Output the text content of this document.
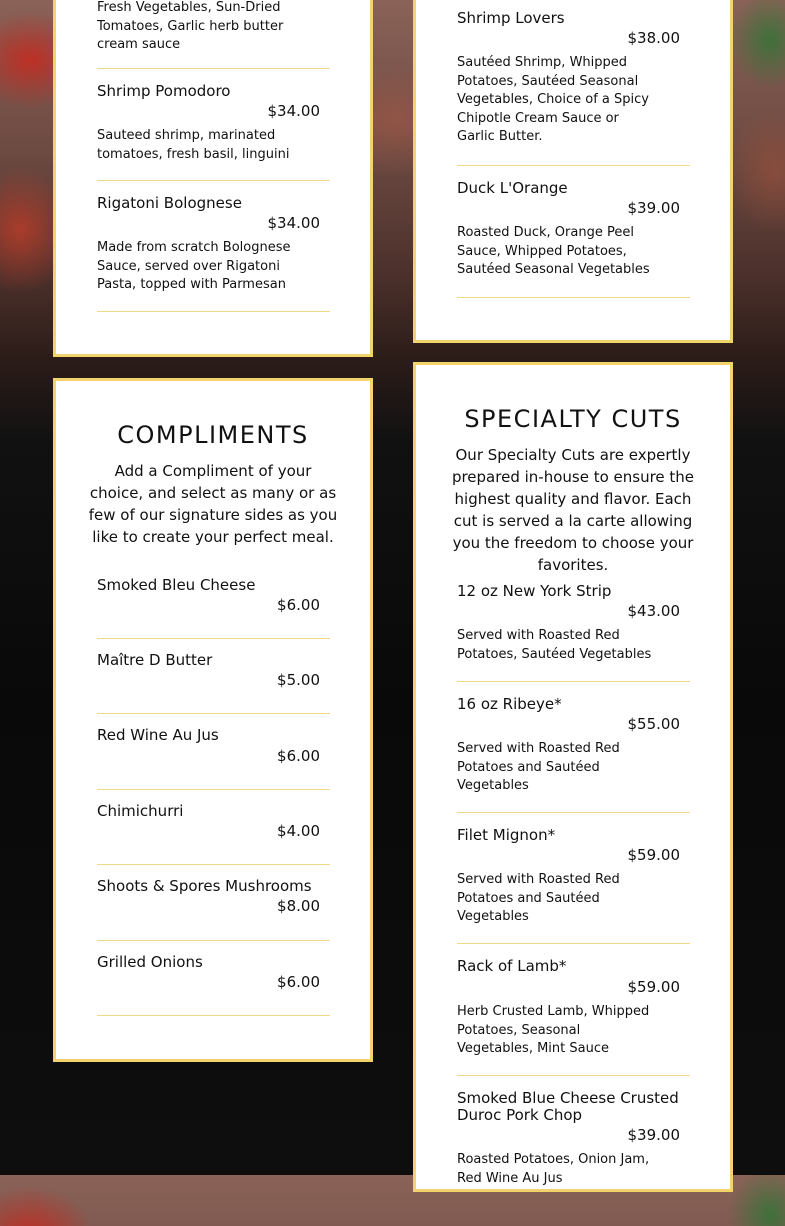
Fresh Vegetables, Sun-Dried Tomatoes, Garlic herb butter cream sauce
Shrimp Pomodoro
$34.00
Sauteed shrimp, marinated tomatoes, fresh basil, linguini
Rigatoni Bolognese
$34.00
Made from scratch Bolognese Sauce, served over Rigatoni Pasta, topped with Parmesan
Shrimp Lovers
$38.00
Sautéed Shrimp, Whipped Potatoes, Sautéed Seasonal Vegetables, Choice of a Spicy Chipotle Cream Sauce or Garlic Butter.
Duck L'Orange
$39.00
Roasted Duck, Orange Peel Sauce, Whipped Potatoes, Sautéed Seasonal Vegetables
COMPLIMENTS
Add a Compliment of your choice, and select as many or as few of our signature sides as you like to create your perfect meal.
Smoked Bleu Cheese
$6.00
Maître D Butter
$5.00
Red Wine Au Jus
$6.00
Chimichurri
$4.00
Shoots & Spores Mushrooms
$8.00
Grilled Onions
$6.00
SPECIALTY CUTS
Our Specialty Cuts are expertly prepared in-house to ensure the highest quality and flavor. Each cut is served a la carte allowing you the freedom to choose your favorites.
12 oz New York Strip
$43.00
Served with Roasted Red Potatoes, Sautéed Vegetables
16 oz Ribeye*
$55.00
Served with Roasted Red Potatoes and Sautéed Vegetables
Filet Mignon*
$59.00
Served with Roasted Red Potatoes and Sautéed Vegetables
Rack of Lamb*
$59.00
Herb Crusted Lamb, Whipped Potatoes, Seasonal Vegetables, Mint Sauce
Smoked Blue Cheese Crusted Duroc Pork Chop
$39.00
Roasted Potatoes, Onion Jam, Red Wine Au Jus
